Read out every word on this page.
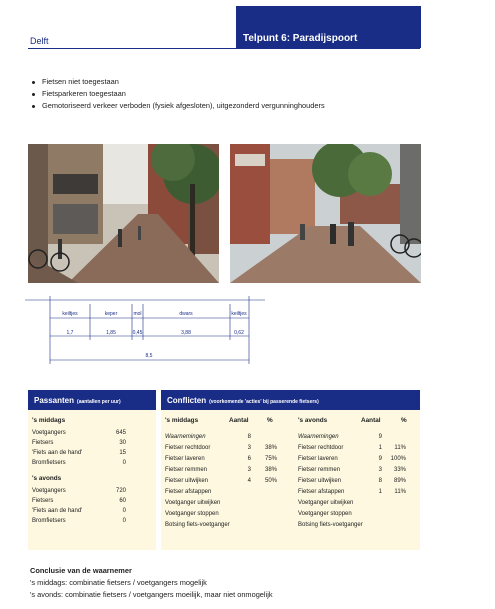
Telpunt 6: Paradijspoort
Delft
Fietsen niet toegestaan
Fietsparkeren toegestaan
Gemotoriseerd verkeer verboden (fysiek afgesloten), uitgezonderd vergunninghouders
keiltjes	keper	mol	dwars	keiltjes
1,7	1,85	0,45	3,88	0,62
8,5
Passanten (aantallen per uur)
's middags
Voetgangers	645
Fietsers	30
'Fiets aan de hand'	15
Bromfietsers	0
's avonds
Voetgangers	720
Fietsers	60
'Fiets aan de hand'	0
Bromfietsers	0
Conflicten (voorkomende 'acties' bij passerende fietsers)
's middags	Aantal	%
Waarnemingen	8
Fietser rechtdoor	3	38%
Fietser laveren	6	75%
Fietser remmen	3	38%
Fietser uitwijken	4	50%
Fietser afstappen
Voetganger uitwijken
Voetganger stoppen
Botsing fiets-voetganger
's avonds	Aantal	%
Waarnemingen	9
Fietser rechtdoor	1	11%
Fietser laveren	9	100%
Fietser remmen	3	33%
Fietser uitwijken	8	89%
Fietser afstappen	1	11%
Voetganger uitwijken
Voetganger stoppen
Botsing fiets-voetganger
Conclusie van de waarnemer
's middags: combinatie fietsers / voetgangers mogelijk
's avonds: combinatie fietsers / voetgangers moeilijk, maar niet onmogelijk
